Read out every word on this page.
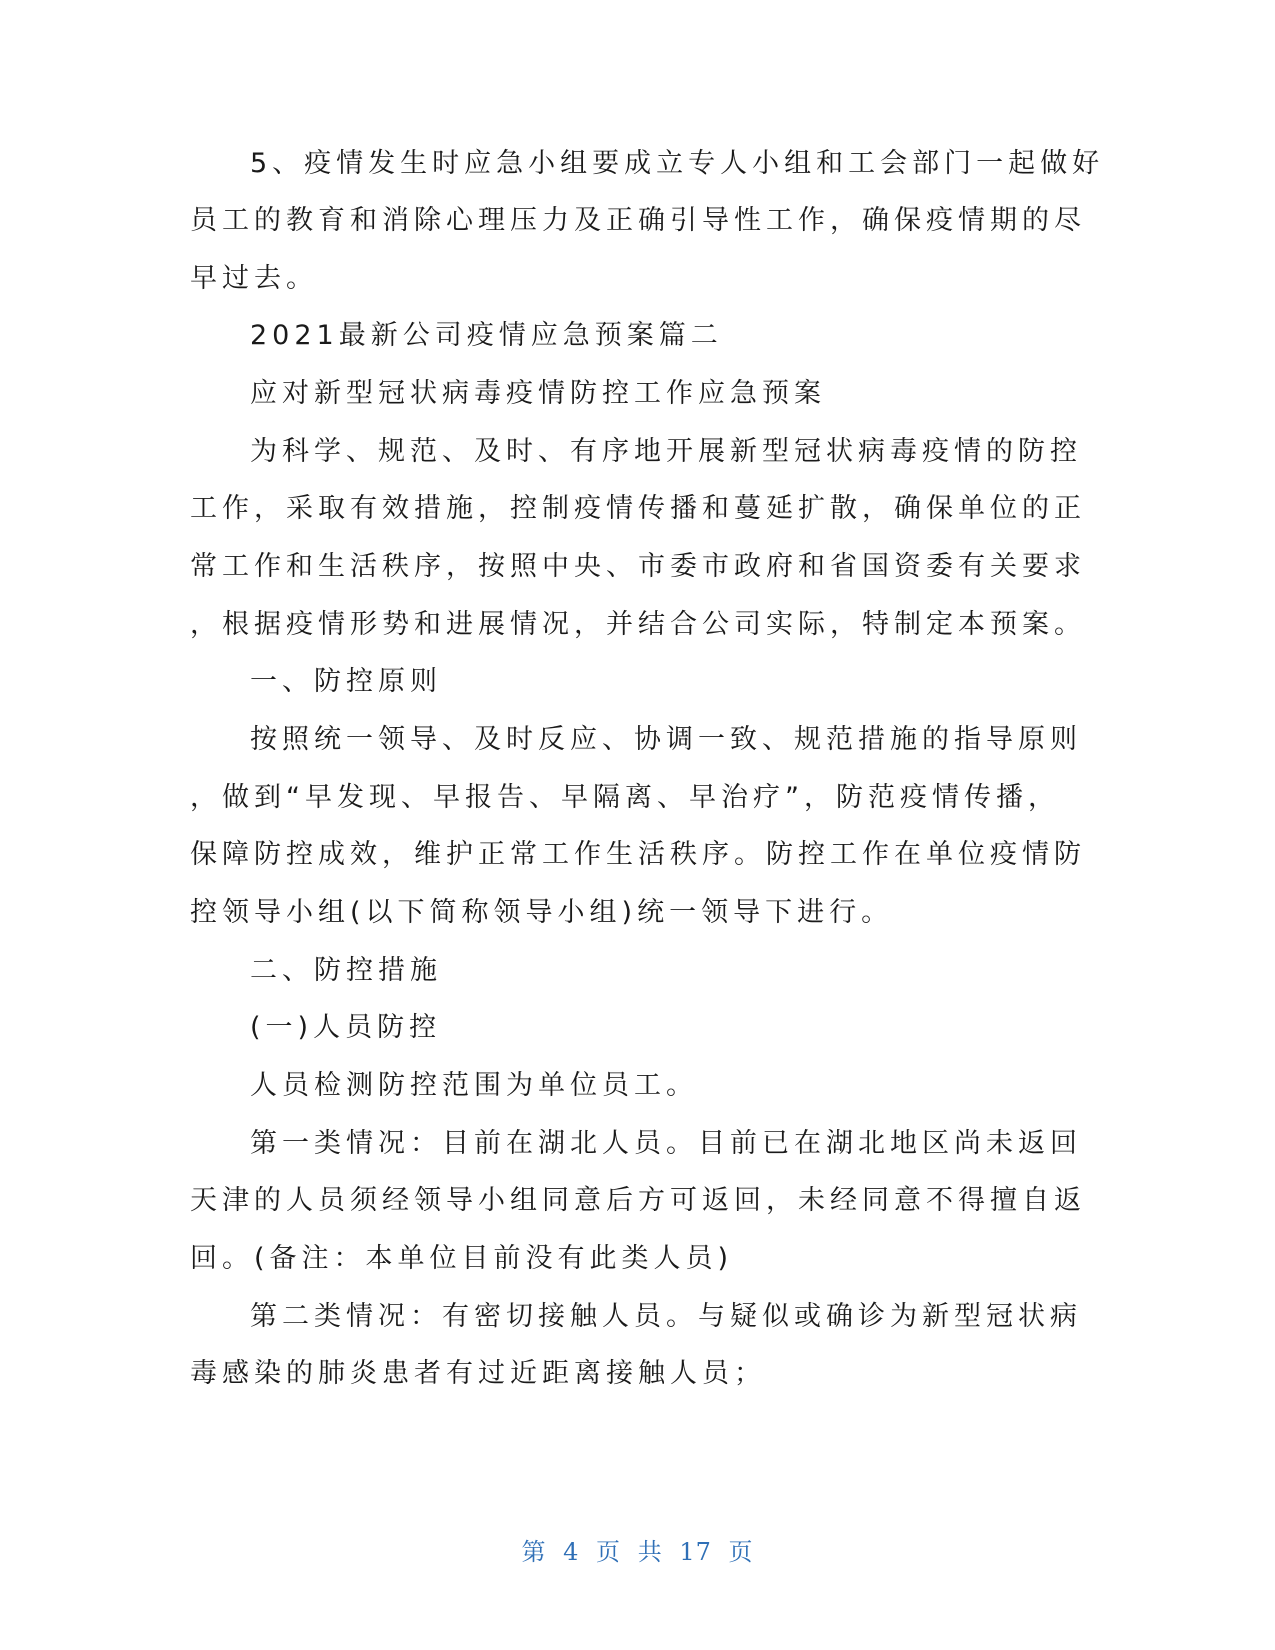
5、疫情发生时应急小组要成立专人小组和工会部门一起做好
员工的教育和消除心理压力及正确引导性工作，确保疫情期的尽
早过去。
2021最新公司疫情应急预案篇二
应对新型冠状病毒疫情防控工作应急预案
为科学、规范、及时、有序地开展新型冠状病毒疫情的防控
工作，采取有效措施，控制疫情传播和蔓延扩散，确保单位的正
常工作和生活秩序，按照中央、市委市政府和省国资委有关要求
，根据疫情形势和进展情况，并结合公司实际，特制定本预案。
一、防控原则
按照统一领导、及时反应、协调一致、规范措施的指导原则
，做到“早发现、早报告、早隔离、早治疗”，防范疫情传播，
保障防控成效，维护正常工作生活秩序。防控工作在单位疫情防
控领导小组(以下简称领导小组)统一领导下进行。
二、防控措施
(一)人员防控
人员检测防控范围为单位员工。
第一类情况：目前在湖北人员。目前已在湖北地区尚未返回
天津的人员须经领导小组同意后方可返回，未经同意不得擅自返
回。(备注：本单位目前没有此类人员)
第二类情况：有密切接触人员。与疑似或确诊为新型冠状病
毒感染的肺炎患者有过近距离接触人员；
第 4 页 共 17 页
